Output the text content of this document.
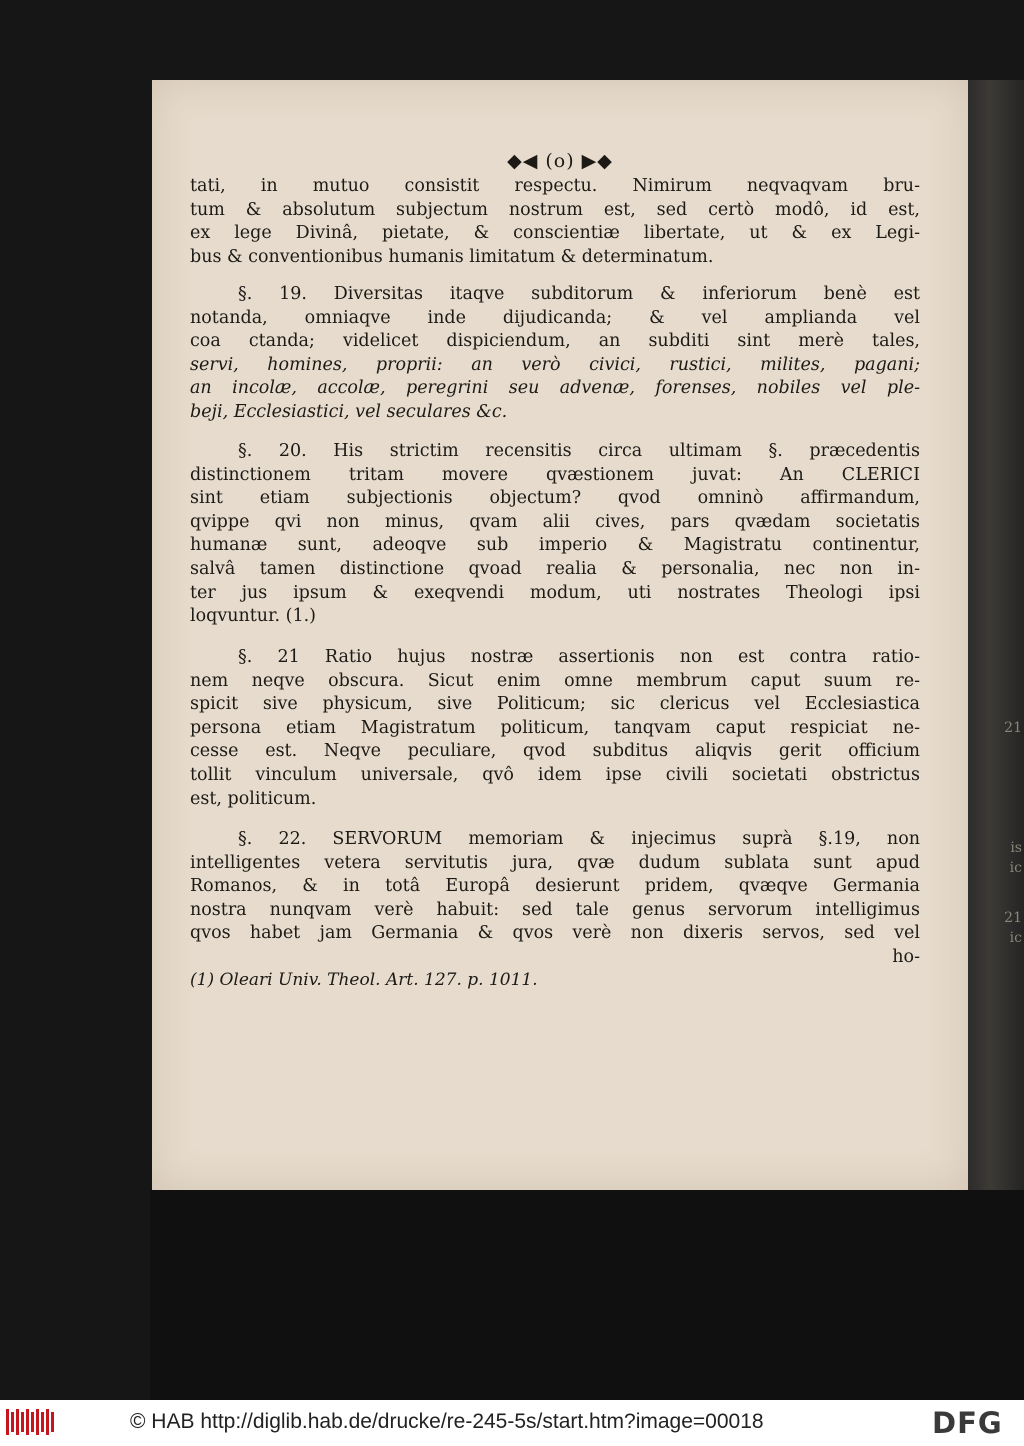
21
is
ic
21
ic
◆◀ (o) ▶◆
tati, in mutuo consistit respectu. Nimirum neqvaqvam bru-
tum & absolutum subjectum nostrum est, sed certò modô, id est,
ex lege Divinâ, pietate, & conscientiæ libertate, ut & ex Legi-
bus & conventionibus humanis limitatum & determinatum.
§. 19. Diversitas itaqve subditorum & inferiorum benè est
notanda, omniaqve inde dijudicanda; & vel amplianda vel
coa ctanda; videlicet dispiciendum, an subditi sint merè tales,
servi, homines, proprii: an verò civici, rustici, milites, pagani;
an incolæ, accolæ, peregrini seu advenæ, forenses, nobiles vel ple-
beji, Ecclesiastici, vel seculares &c.
§. 20. His strictim recensitis circa ultimam §. præcedentis
distinctionem tritam movere qvæstionem juvat: An CLERICI
sint etiam subjectionis objectum? qvod omninò affirmandum,
qvippe qvi non minus, qvam alii cives, pars qvædam societatis
humanæ sunt, adeoqve sub imperio & Magistratu continentur,
salvâ tamen distinctione qvoad realia & personalia, nec non in-
ter jus ipsum & exeqvendi modum, uti nostrates Theologi ipsi
loqvuntur. (1.)
§. 21 Ratio hujus nostræ assertionis non est contra ratio-
nem neqve obscura. Sicut enim omne membrum caput suum re-
spicit sive physicum, sive Politicum; sic clericus vel Ecclesiastica
persona etiam Magistratum politicum, tanqvam caput respiciat ne-
cesse est. Neqve peculiare, qvod subditus aliqvis gerit officium
tollit vinculum universale, qvô idem ipse civili societati obstrictus
est, politicum.
§. 22. SERVORUM memoriam & injecimus suprà §.19, non
intelligentes vetera servitutis jura, qvæ dudum sublata sunt apud
Romanos, & in totâ Europâ desierunt pridem, qvæqve Germania
nostra nunqvam verè habuit: sed tale genus servorum intelligimus
qvos habet jam Germania & qvos verè non dixeris servos, sed vel
ho-
(1) Oleari Univ. Theol. Art. 127. p. 1011.
© HAB http://diglib.hab.de/drucke/re-245-5s/start.htm?image=00018	DFG
